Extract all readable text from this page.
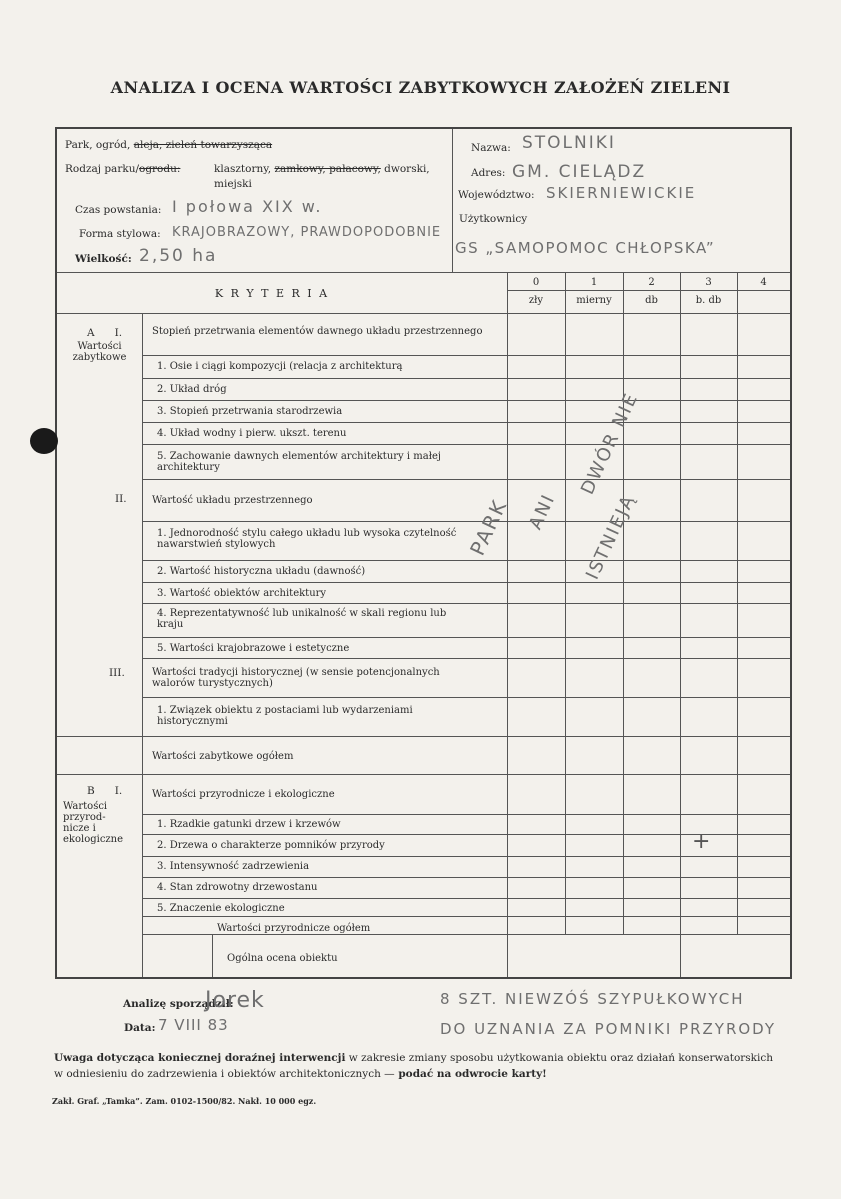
ANALIZA I OCENA WARTOŚCI ZABYTKOWYCH ZAŁOŻEŃ ZIELENI
Park, ogród, aleja, zieleń towarzysząca
Rodzaj parku/ogrodu:	klasztorny, zamkowy, pałacowy, dworski,
miejski
Czas powstania: I połowa XIX w.
Forma stylowa: KRAJOBRAZOWY, PRAWDOPODOBNIE
Wielkość: 2,50 ha
Nazwa: STOLNIKI
Adres: GM. CIELĄDZ
Województwo: SKIERNIEWICKIE
Użytkownicy
GS „SAMOPOMOC CHŁOPSKA”
K R Y T E R I A
0
zły
1
mierny
2
db
3
b. db
4
A      I.
Wartości
zabytkowe
Stopień przetrwania elementów dawnego układu przestrzennego
1. Osie i ciągi kompozycji (relacja z architekturą
2. Układ dróg
3. Stopień przetrwania starodrzewia
4. Układ wodny i pierw. ukszt. terenu
5. Zachowanie dawnych elementów architektury i małej architektury
II.	Wartość układu przestrzennego
1. Jednorodność stylu całego układu lub wysoka czytelność nawarstwień stylowych
2. Wartość historyczna układu (dawność)
3. Wartość obiektów architektury
4. Reprezentatywność lub unikalność w skali regionu lub kraju
5. Wartości krajobrazowe i estetyczne
III.	Wartości tradycji historycznej (w sensie potencjonalnych walorów turystycznych)
1. Związek obiektu z postaciami lub wydarzeniami historycznymi
Wartości zabytkowe ogółem
B      I.
Wartości
przyrod-
nicze i
ekologiczne
Wartości przyrodnicze i ekologiczne
1. Rzadkie gatunki drzew i krzewów
2. Drzewa o charakterze pomników przyrody
3. Intensywność zadrzewienia
4. Stan zdrowotny drzewostanu
5. Znaczenie ekologiczne
Wartości przyrodnicze ogółem
Ogólna ocena obiektu
+
PARK ANI
DWÓR NIE
ISTNIEJĄ
Analizę sporządził:
Jorek
Data: 7 VIII 83
8 SZT. NIEWZÓŚ SZYPUŁKOWYCH
DO UZNANIA ZA POMNIKI PRZYRODY
Uwaga dotycząca koniecznej doraźnej interwencji w zakresie zmiany sposobu użytkowania obiektu oraz działań konserwatorskich
w odniesieniu do zadrzewienia i obiektów architektonicznych — podać na odwrocie karty!
Zakł. Graf. „Tamka”. Zam. 0102-1500/82. Nakł. 10 000 egz.
